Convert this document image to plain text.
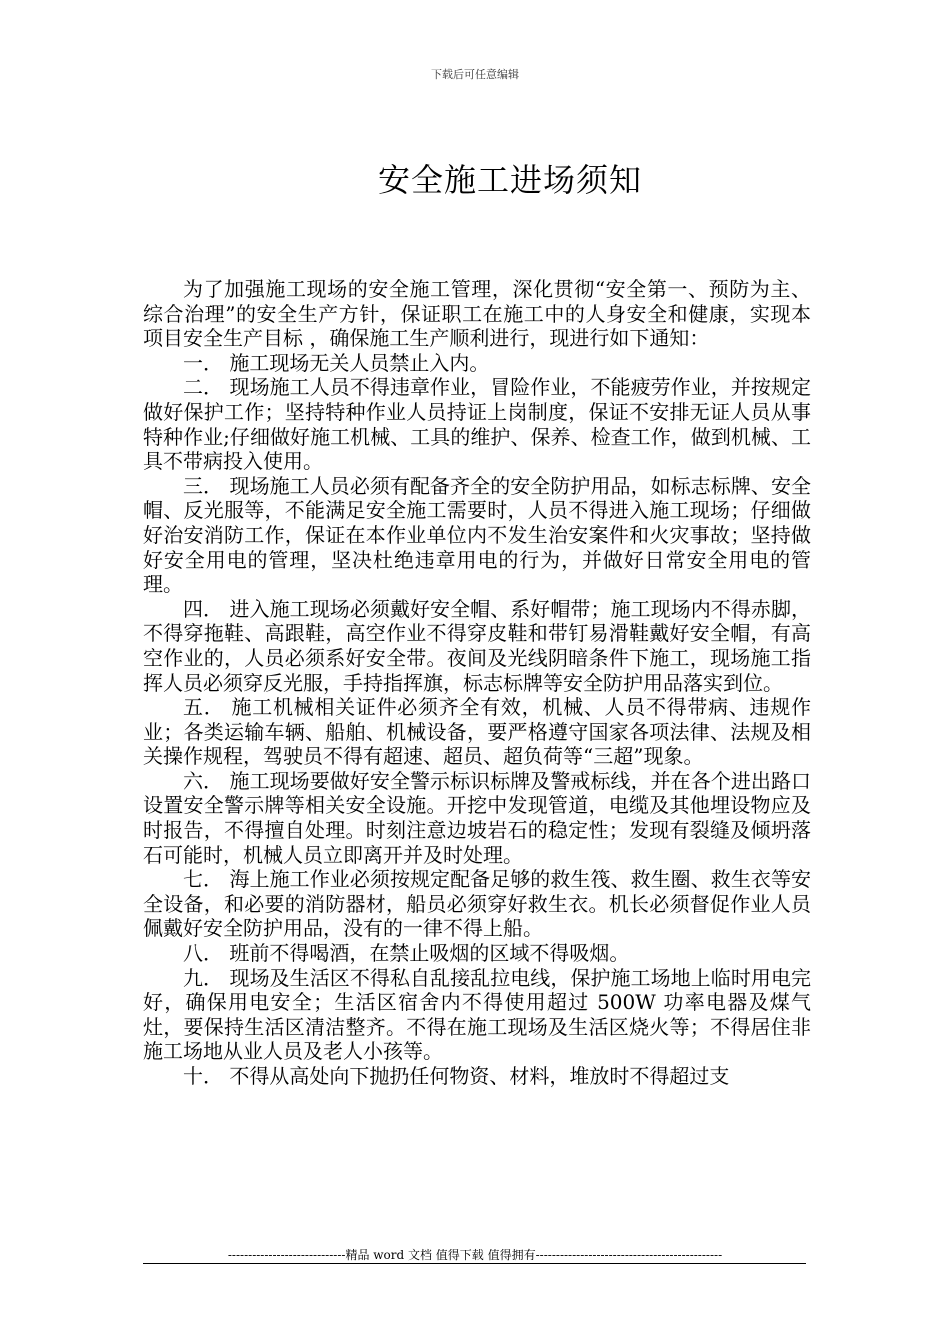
下载后可任意编辑
安全施工进场须知

为了加强施工现场的安全施工管理，深化贯彻“安全第一、预防为主、综合治理”的安全生产方针，保证职工在施工中的人身安全和健康，实现本项目安全生产目标 ，确保施工生产顺利进行，现进行如下通知：

一． 施工现场无关人员禁止入内。

二． 现场施工人员不得违章作业，冒险作业，不能疲劳作业，并按规定做好保护工作；坚持特种作业人员持证上岗制度，保证不安排无证人员从事特种作业;仔细做好施工机械、工具的维护、保养、检查工作，做到机械、工具不带病投入使用。

三． 现场施工人员必须有配备齐全的安全防护用品，如标志标牌、安全帽、反光服等，不能满足安全施工需要时，人员不得进入施工现场；仔细做好治安消防工作，保证在本作业单位内不发生治安案件和火灾事故；坚持做好安全用电的管理，坚决杜绝违章用电的行为，并做好日常安全用电的管理。

四． 进入施工现场必须戴好安全帽、系好帽带；施工现场内不得赤脚，不得穿拖鞋、高跟鞋，高空作业不得穿皮鞋和带钉易滑鞋戴好安全帽，有高空作业的，人员必须系好安全带。夜间及光线阴暗条件下施工，现场施工指挥人员必须穿反光服，手持指挥旗，标志标牌等安全防护用品落实到位。

五． 施工机械相关证件必须齐全有效，机械、人员不得带病、违规作业；各类运输车辆、船舶、机械设备，要严格遵守国家各项法律、法规及相关操作规程，驾驶员不得有超速、超员、超负荷等“三超”现象。

六． 施工现场要做好安全警示标识标牌及警戒标线，并在各个进出路口设置安全警示牌等相关安全设施。开挖中发现管道，电缆及其他埋设物应及时报告，不得擅自处理。时刻注意边坡岩石的稳定性；发现有裂缝及倾坍落石可能时，机械人员立即离开并及时处理。

七． 海上施工作业必须按规定配备足够的救生筏、救生圈、救生衣等安全设备，和必要的消防器材，船员必须穿好救生衣。机长必须督促作业人员佩戴好安全防护用品，没有的一律不得上船。

八． 班前不得喝酒，在禁止吸烟的区域不得吸烟。

九． 现场及生活区不得私自乱接乱拉电线，保护施工场地上临时用电完好，确保用电安全；生活区宿舍内不得使用超过 500W 功率电器及煤气灶，要保持生活区清洁整齐。不得在施工现场及生活区烧火等；不得居住非施工场地从业人员及老人小孩等。

十． 不得从高处向下抛扔任何物资、材料，堆放时不得超过支

-----------------------------精品 word 文档 值得下载 值得拥有----------------------------------------------
